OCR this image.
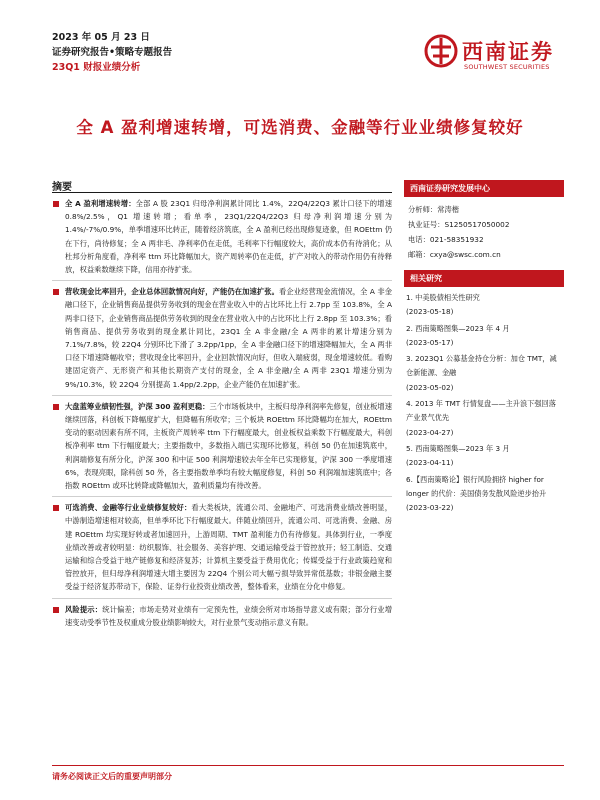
2023 年 05 月 23 日
证券研究报告•策略专题报告
23Q1 财报业绩分析
西南证券
SOUTHWEST SECURITIES
全 A 盈利增速转增，可选消费、金融等行业业绩修复较好
摘要
全 A 盈利增速转增：全部 A 股 23Q1 归母净利润累计同比 1.4%，22Q4/22Q3 累计口径下的增速 0.8%/2.5%，Q1 增速转增；看单季，23Q1/22Q4/22Q3 归母净利润增速分别为 1.4%/-7%/0.9%，单季增速环比转正，随着经济筑底，全 A 盈利已经出现修复迹象，但 ROEttm 仍在下行，尚待修复；全 A 两非毛、净利率仍在走低，毛利率下行幅度较大，高价成本仍有待消化；从杜邦分析角度看，净利率 ttm 环比降幅加大，资产周转率仍在走低，扩产对收入的带动作用仍有待释放，权益乘数继续下降，信用亦待扩张。
营收现金比率回升，企业总体回款情况向好，产能仍在加速扩张。看企业经营现金流情况，全 A 非金融口径下，企业销售商品提供劳务收到的现金在营业收入中的占比环比上行 2.7pp 至 103.8%，全 A 两非口径下，企业销售商品提供劳务收到的现金在营业收入中的占比环比上行 2.8pp 至 103.3%；看销售商品、提供劳务收到的现金累计同比，23Q1 全 A 非金融/全 A 两非的累计增速分别为 7.1%/7.8%，较 22Q4 分别环比下滑了 3.2pp/1pp，全 A 非金融口径下的增速降幅加大，全 A 两非口径下增速降幅收窄；营收现金比率回升，企业回款情况向好，但收入端疲弱，现金增速较低。看购建固定资产、无形资产和其他长期资产支付的现金，全 A 非金融/全 A 两非 23Q1 增速分别为 9%/10.3%，较 22Q4 分别提高 1.4pp/2.2pp，企业产能仍在加速扩张。
大盘蓝筹业绩韧性强，沪深 300 盈利更稳：三个市场板块中，主板归母净利润率先修复，创业板增速继续回落，科创板下降幅度扩大，但降幅有所收窄；三个板块 ROEttm 环比降幅均在加大，ROEttm 变动的驱动因素有所不同，主板资产周转率 ttm 下行幅度最大，创业板权益乘数下行幅度最大，科创板净利率 ttm 下行幅度最大；主要指数中，多数指入端已实现环比修复，科创 50 仍在加速筑底中，利润端修复有所分化，沪深 300 和中证 500 利润增速较去年全年已实现修复，沪深 300 一季度增速 6%，表现亮眼，除科创 50 外，各主要指数单季均有较大幅度修复，科创 50 利润端加速筑底中；各指数 ROEttm 或环比转降或降幅加大，盈利质量均有待改善。
可选消费、金融等行业业绩修复较好：看大类板块，流通公司、金融地产、可选消费业绩改善明显，中游制造增速相对较高，但单季环比下行幅度最大。伴随业绩回升，流通公司、可选消费、金融、房建 ROEttm 均实现好转或者加速回升，上游周期、TMT 盈利能力仍有待修复。具体到行业，一季度业绩改善或者较明显：纺织服饰、社会服务、美容护理、交通运输受益于管控放开；轻工制造、交通运输和综合受益于地产链修复和经济复苏；计算机主要受益于费用优化；传媒受益于行业政策趋宽和管控放开，但归母净利润增速大增主要因为 22Q4 个别公司大幅亏损导致异常低基数；非银金融主要受益于经济复苏带动下，保险、证券行业投资业绩改善，整体看来，业绩在分化中修复。
风险提示：统计偏差；市场走势对业绩有一定预先性，业绩会所对市场指导意义或有限；部分行业增速变动受季节性及权重成分股业绩影响较大，对行业景气变动指示意义有限。
西南证券研究发展中心
分析师：常涛楷
执业证号：S1250517050002
电话：021-58351932
邮箱：cxya@swsc.com.cn
相关研究
1. 中美股债相关性研究
(2023-05-18)
2. 西南策略图集—2023 年 4 月
(2023-05-17)
3. 2023Q1 公募基金持仓分析：加仓 TMT，减仓新能源、金融
(2023-05-02)
4. 2013 年 TMT 行情复盘——主升浪下强回落产业景气优先
(2023-04-27)
5. 西南策略图集—2023 年 3 月
(2023-04-11)
6.【西南策略论】银行风险拥挤 higher for longer 的代价：美国债务发散风险逆步抬升
(2023-03-22)
请务必阅读正文后的重要声明部分
